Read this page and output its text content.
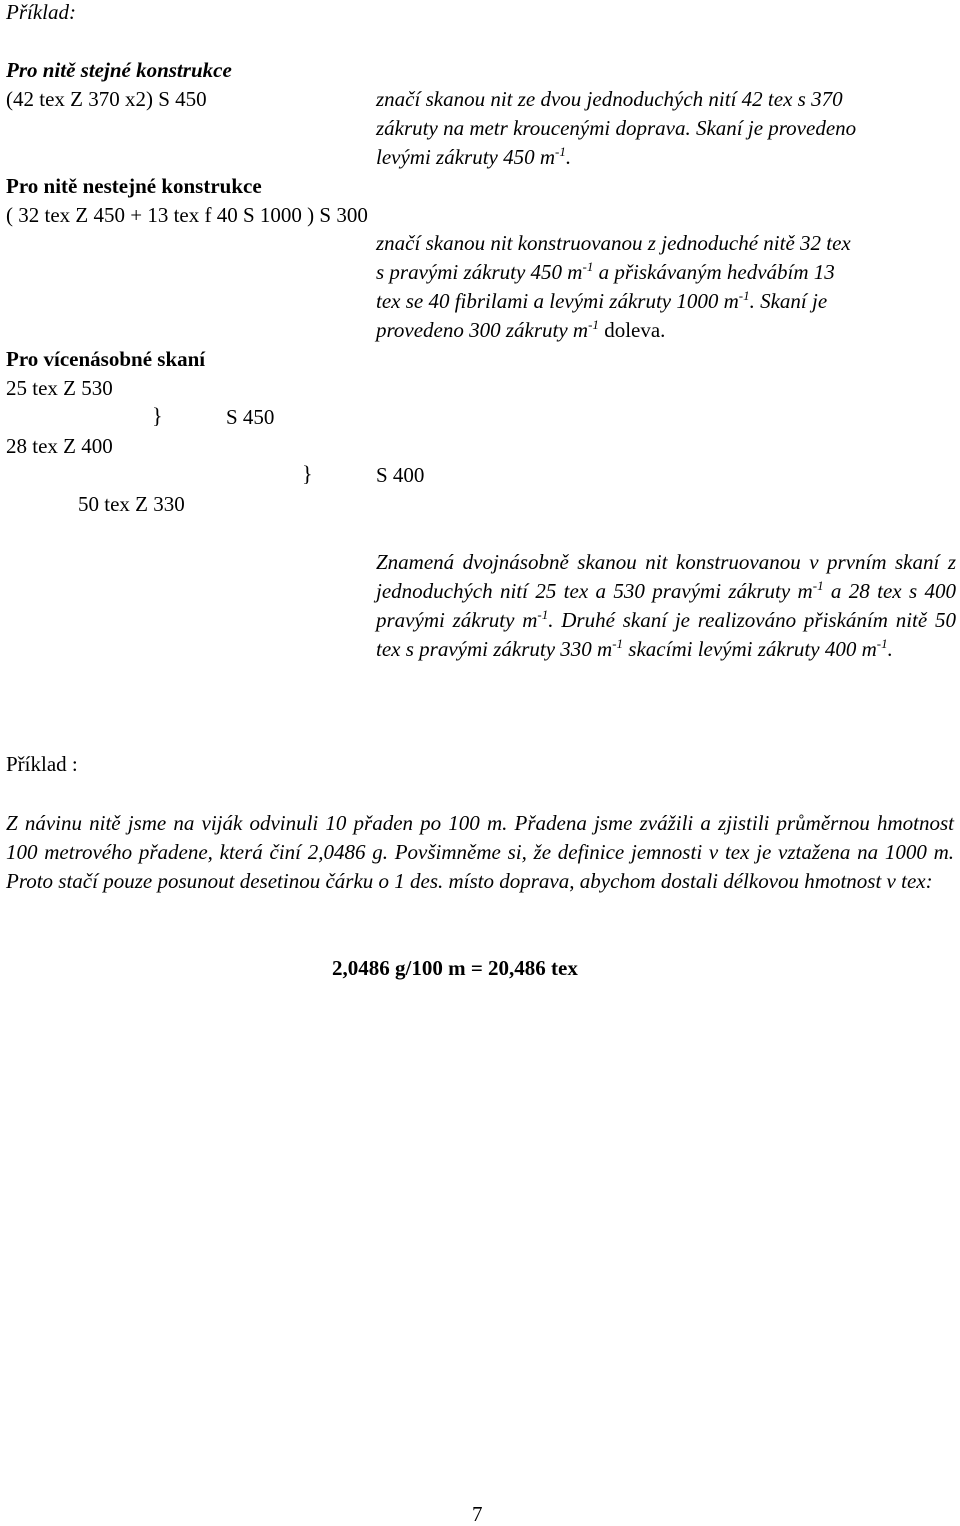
Příklad:
Pro nitě stejné konstrukce
(42 tex Z 370 x2) S 450	značí skanou nit ze dvou jednoduchých nití 42 tex s 370
zákruty na metr kroucenými doprava. Skaní je provedeno
levými zákruty 450 $m^{-1}$.
Pro nitě nestejné konstrukce
( 32 tex Z 450 + 13 tex f 40 S 1000 ) S 300
značí skanou nit konstruovanou z jednoduché nitě 32 tex
s pravými zákruty 450 $m^{-1}$ a přiskávaným hedvábím 13
tex se 40 fibrilami a levými zákruty 1000 $m^{-1}$. Skaní je
provedeno 300 zákruty $m^{-1}$ doleva.
Pro vícenásobné skaní
25 tex Z 530
}	S 450
28 tex Z 400
}	S 400
50 tex Z 330
Znamená dvojnásobně skanou nit konstruovanou v prvním skaní z jednoduchých nití 25 tex a 530 pravými zákruty $m^{-1}$ a 28 tex s 400 pravými zákruty $m^{-1}$. Druhé skaní je realizováno přiskáním nitě 50 tex s pravými zákruty 330 $m^{-1}$ skacími levými zákruty 400 $m^{-1}$.
Příklad :
Z návinu nitě jsme na viják odvinuli 10 přaden po 100 m. Přadena jsme zvážili a zjistili průměrnou hmotnost 100 metrového přadene, která činí 2,0486 g. Povšimněme si, že definice jemnosti v tex je vztažena na 1000 m. Proto stačí pouze posunout desetinou čárku o 1 des. místo doprava, abychom dostali délkovou hmotnost v tex:
2,0486 g/100 m = 20,486 tex
7
